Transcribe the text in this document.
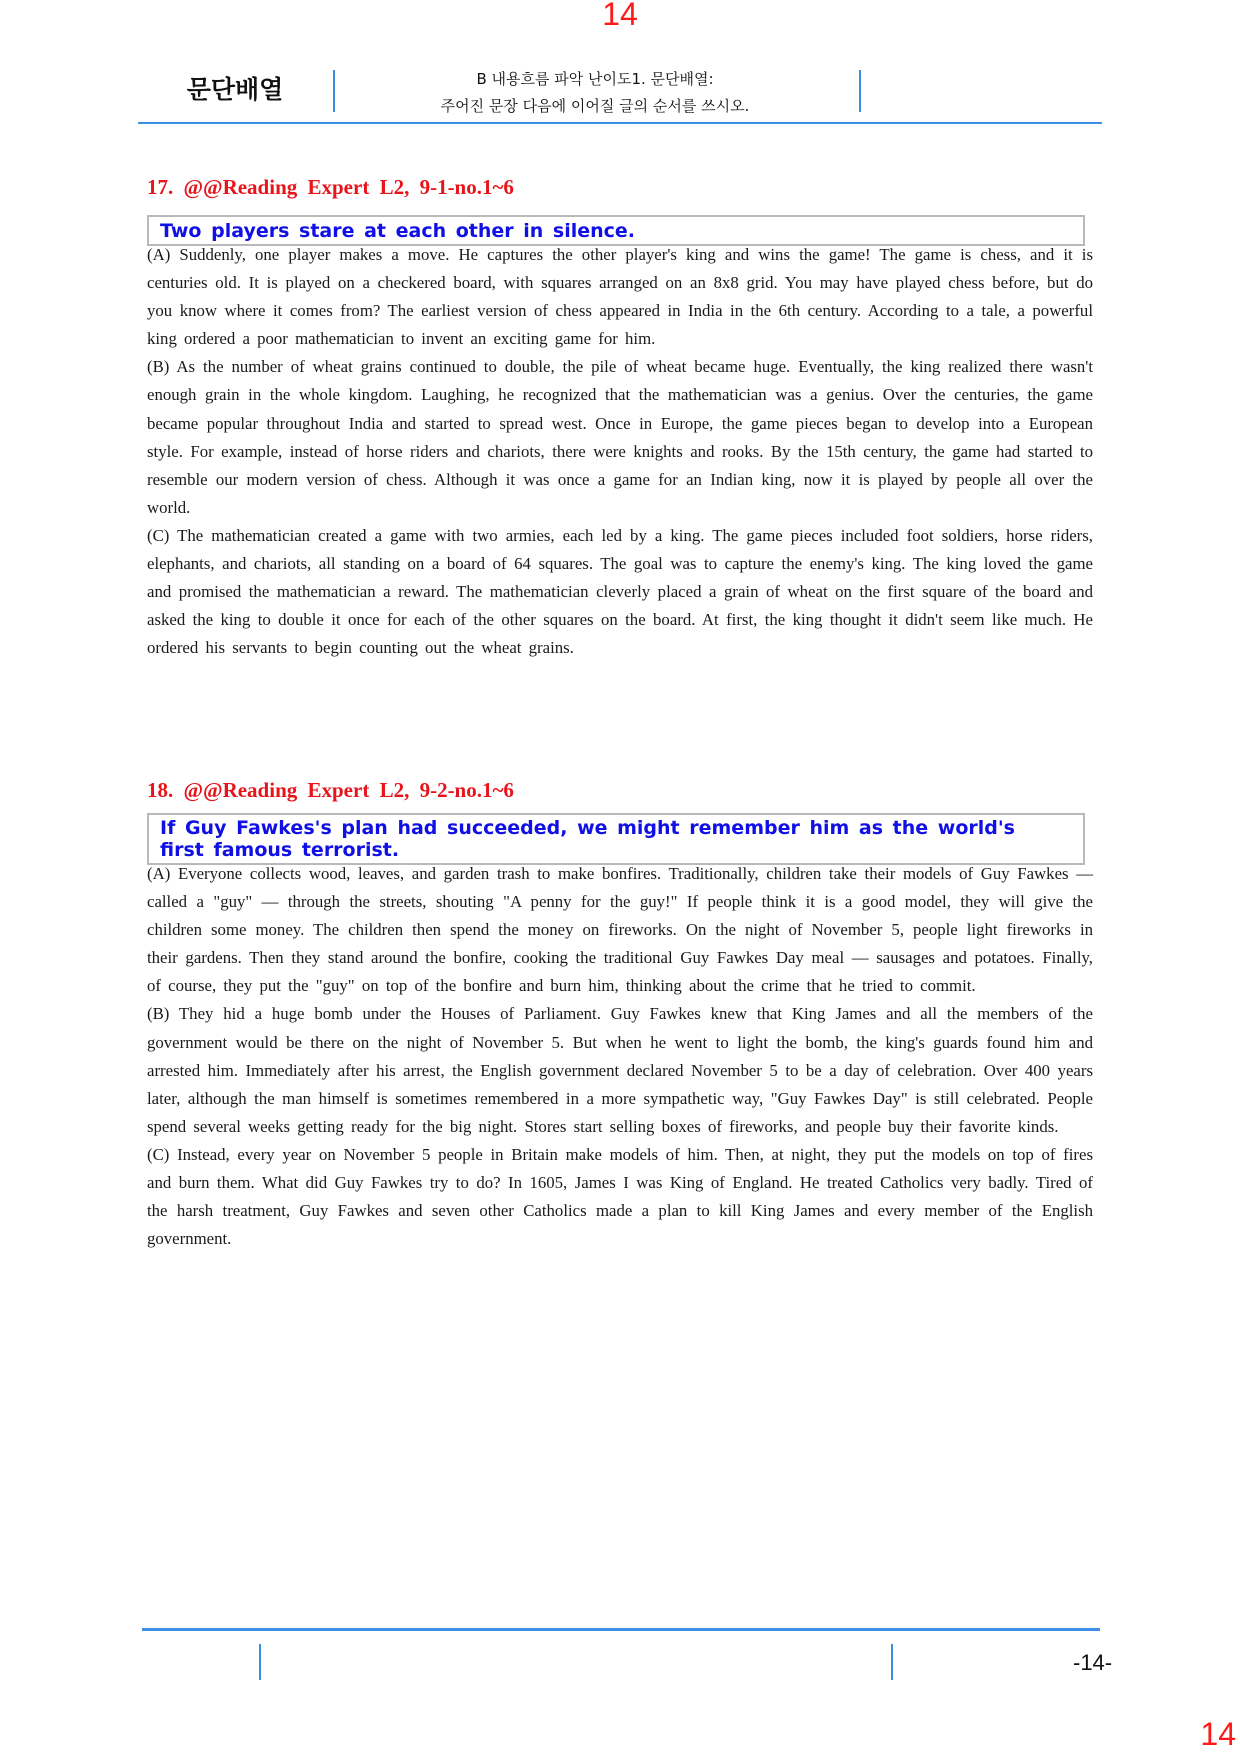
14
문단배열	B 내용흐름 파악 난이도1. 문단배열:
주어진 문장 다음에 이어질 글의 순서를 쓰시오.
17. @@Reading Expert L2, 9-1-no.1~6
Two players stare at each other in silence.

(A) Suddenly, one player makes a move. He captures the other player's king and wins the game! The game is chess, and it is centuries old. It is played on a checkered board, with squares arranged on an 8x8 grid. You may have played chess before, but do you know where it comes from? The earliest version of chess appeared in India in the 6th century. According to a tale, a powerful king ordered a poor mathematician to invent an exciting game for him.

(B) As the number of wheat grains continued to double, the pile of wheat became huge. Eventually, the king realized there wasn't enough grain in the whole kingdom. Laughing, he recognized that the mathematician was a genius. Over the centuries, the game became popular throughout India and started to spread west. Once in Europe, the game pieces began to develop into a European style. For example, instead of horse riders and chariots, there were knights and rooks. By the 15th century, the game had started to resemble our modern version of chess. Although it was once a game for an Indian king, now it is played by people all over the world.

(C) The mathematician created a game with two armies, each led by a king. The game pieces included foot soldiers, horse riders, elephants, and chariots, all standing on a board of 64 squares. The goal was to capture the enemy's king. The king loved the game and promised the mathematician a reward. The mathematician cleverly placed a grain of wheat on the first square of the board and asked the king to double it once for each of the other squares on the board. At first, the king thought it didn't seem like much. He ordered his servants to begin counting out the wheat grains.

18. @@Reading Expert L2, 9-2-no.1~6
If Guy Fawkes's plan had succeeded, we might remember him as the world's first famous terrorist.

(A) Everyone collects wood, leaves, and garden trash to make bonfires. Traditionally, children take their models of Guy Fawkes — called a "guy" — through the streets, shouting "A penny for the guy!" If people think it is a good model, they will give the children some money. The children then spend the money on fireworks. On the night of November 5, people light fireworks in their gardens. Then they stand around the bonfire, cooking the traditional Guy Fawkes Day meal — sausages and potatoes. Finally, of course, they put the "guy" on top of the bonfire and burn him, thinking about the crime that he tried to commit.

(B) They hid a huge bomb under the Houses of Parliament. Guy Fawkes knew that King James and all the members of the government would be there on the night of November 5. But when he went to light the bomb, the king's guards found him and arrested him. Immediately after his arrest, the English government declared November 5 to be a day of celebration. Over 400 years later, although the man himself is sometimes remembered in a more sympathetic way, "Guy Fawkes Day" is still celebrated. People spend several weeks getting ready for the big night. Stores start selling boxes of fireworks, and people buy their favorite kinds.

(C) Instead, every year on November 5 people in Britain make models of him. Then, at night, they put the models on top of fires and burn them. What did Guy Fawkes try to do? In 1605, James I was King of England. He treated Catholics very badly. Tired of the harsh treatment, Guy Fawkes and seven other Catholics made a plan to kill King James and every member of the English government.

-14-
14
